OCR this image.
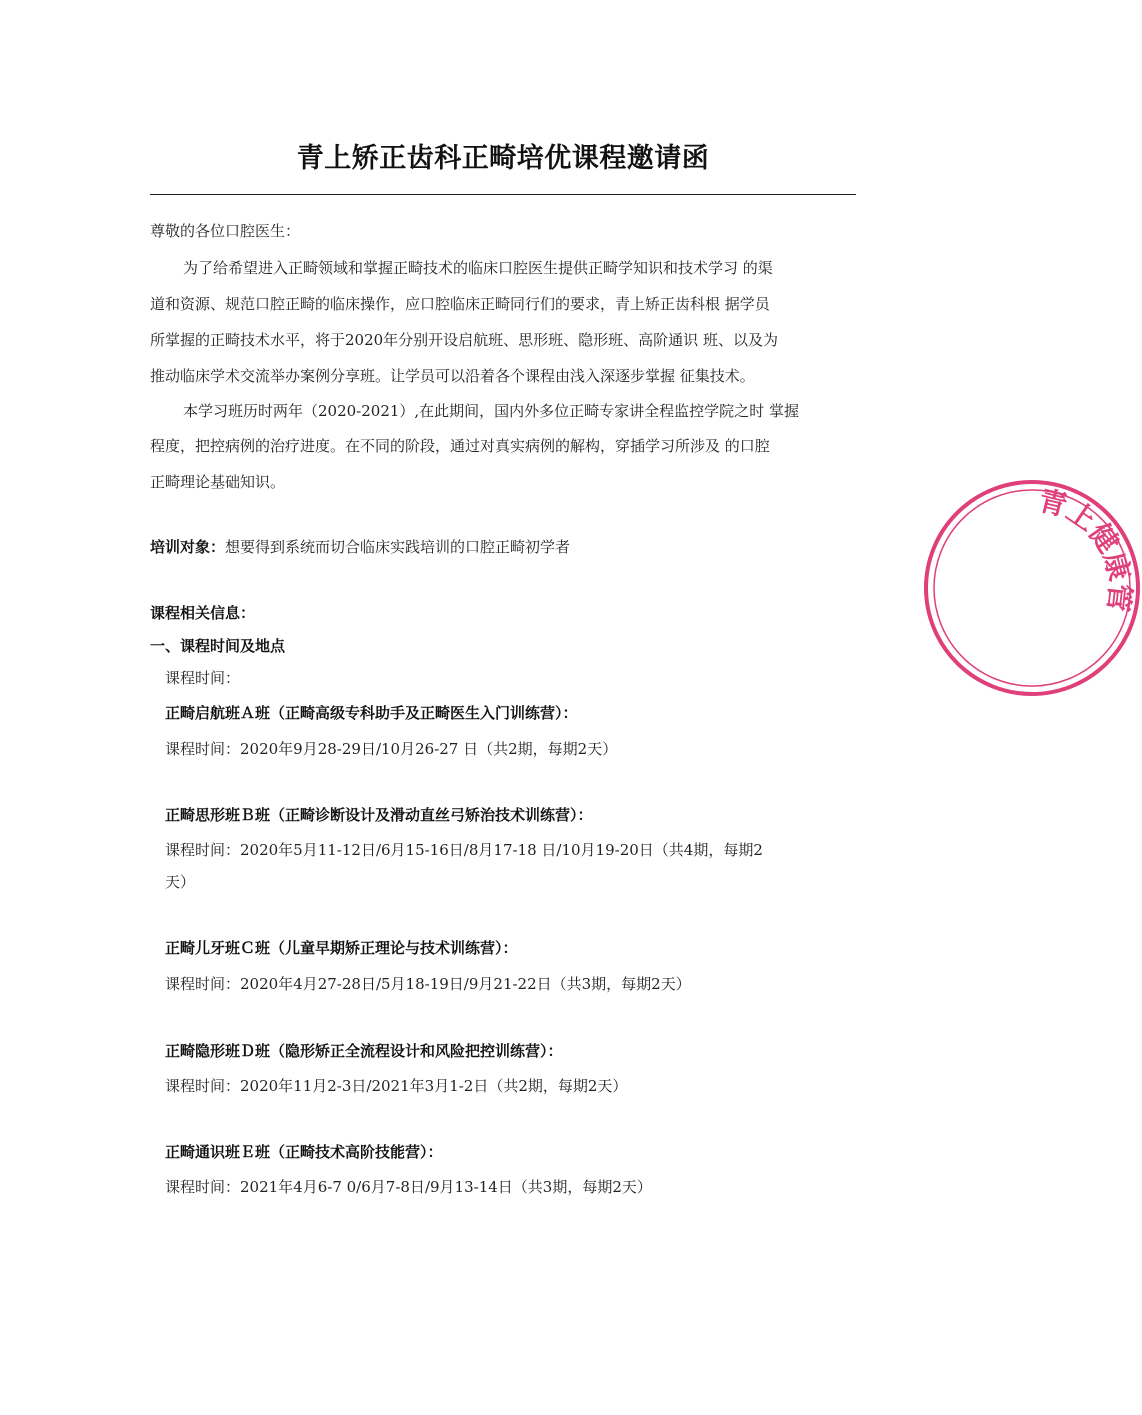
青上矫正齿科正畸培优课程邀请函
尊敬的各位口腔医生：
为了给希望进入正畸领域和掌握正畸技术的临床口腔医生提供正畸学知识和技术学习 的渠
道和资源、规范口腔正畸的临床操作，应口腔临床正畸同行们的要求，青上矫正齿科根 据学员
所掌握的正畸技术水平，将于2020年分别开设启航班、思形班、隐形班、高阶通识 班、以及为
推动临床学术交流举办案例分享班。让学员可以沿着各个课程由浅入深逐步掌握 征集技术。
本学习班历时两年（2020-2021）,在此期间，国内外多位正畸专家讲全程监控学院之时 掌握
程度，把控病例的治疗进度。在不同的阶段，通过对真实病例的解构，穿插学习所涉及 的口腔
正畸理论基础知识。
培训对象：想要得到系统而切合临床实践培训的口腔正畸初学者
课程相关信息：
一、课程时间及地点
课程时间：
正畸启航班Ａ班（正畸高级专科助手及正畸医生入门训练营）：
课程时间：2020年9月28-29日/10月26-27 日（共2期，每期2天）
正畸思形班Ｂ班（正畸诊断设计及滑动直丝弓矫治技术训练营）：
课程时间：2020年5月11-12日/6月15-16日/8月17-18 日/10月19-20日（共4期，每期2
天）
正畸儿牙班Ｃ班（儿童早期矫正理论与技术训练营）：
课程时间：2020年4月27-28日/5月18-19日/9月21-22日（共3期，每期2天）
正畸隐形班Ｄ班（隐形矫正全流程设计和风险把控训练营）：
课程时间：2020年11月2-3日/2021年3月1-2日（共2期，每期2天）
正畸通识班Ｅ班（正畸技术高阶技能营）：
课程时间：2021年4月6-7 0/6月7-8日/9月13-14日（共3期，每期2天）
青上健康管
